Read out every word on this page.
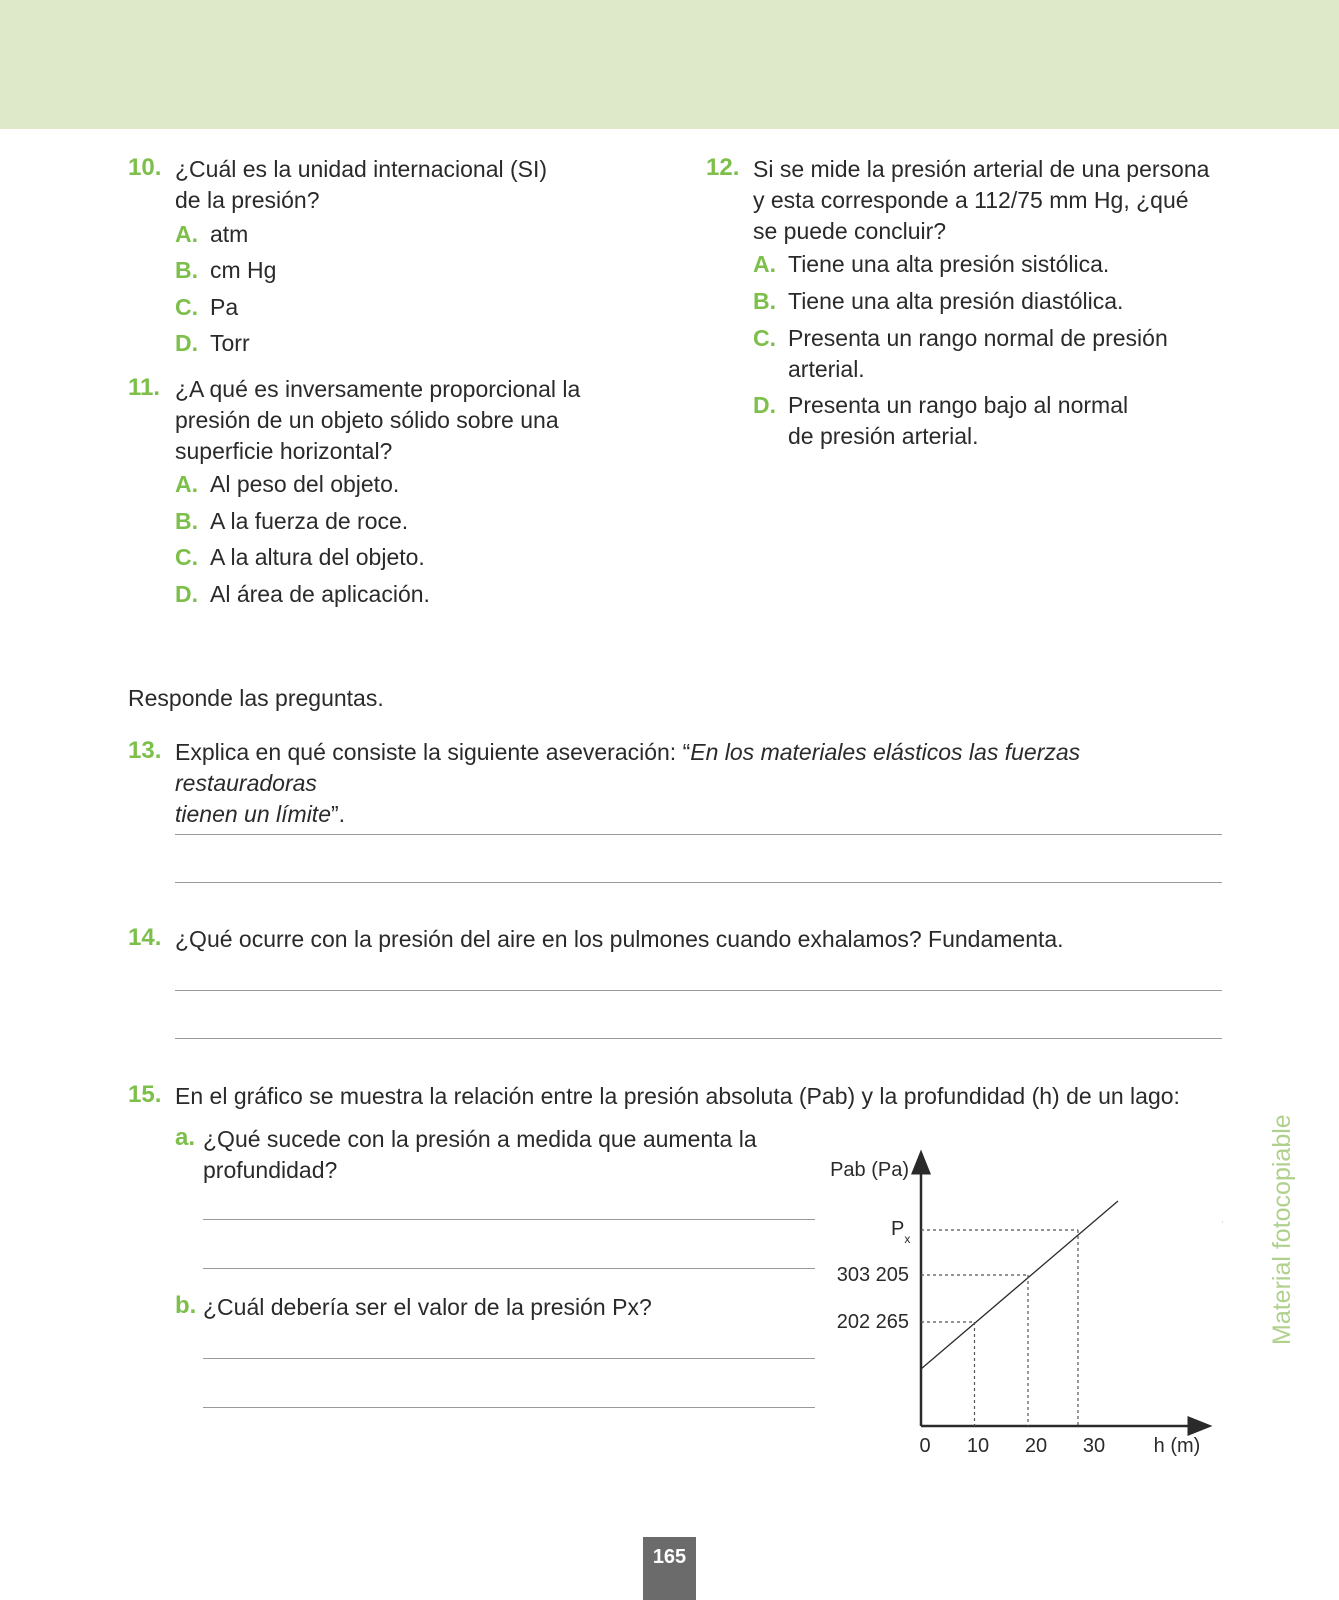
10. ¿Cuál es la unidad internacional (SI)
de la presión?
A. atm
B. cm Hg
C. Pa
D. Torr
11. ¿A qué es inversamente proporcional la
presión de un objeto sólido sobre una
superficie horizontal?
A. Al peso del objeto.
B. A la fuerza de roce.
C. A la altura del objeto.
D. Al área de aplicación.
12. Si se mide la presión arterial de una persona
y esta corresponde a 112/75 mm Hg, ¿qué
se puede concluir?
A. Tiene una alta presión sistólica.
B. Tiene una alta presión diastólica.
C. Presenta un rango normal de presión
arterial.
D. Presenta un rango bajo al normal
de presión arterial.
Responde las preguntas.
13. Explica en qué consiste la siguiente aseveración: “En los materiales elásticos las fuerzas restauradoras
tienen un límite”.
14. ¿Qué ocurre con la presión del aire en los pulmones cuando exhalamos? Fundamenta.
15. En el gráfico se muestra la relación entre la presión absoluta (Pab) y la profundidad (h) de un lago:
a. ¿Qué sucede con la presión a medida que aumenta la
profundidad?
b. ¿Cuál debería ser el valor de la presión Px?
Pab (Pa)
h (m)
0 10 20 30
202 265
303 205
$P_x$	Material fotocopiable
165
